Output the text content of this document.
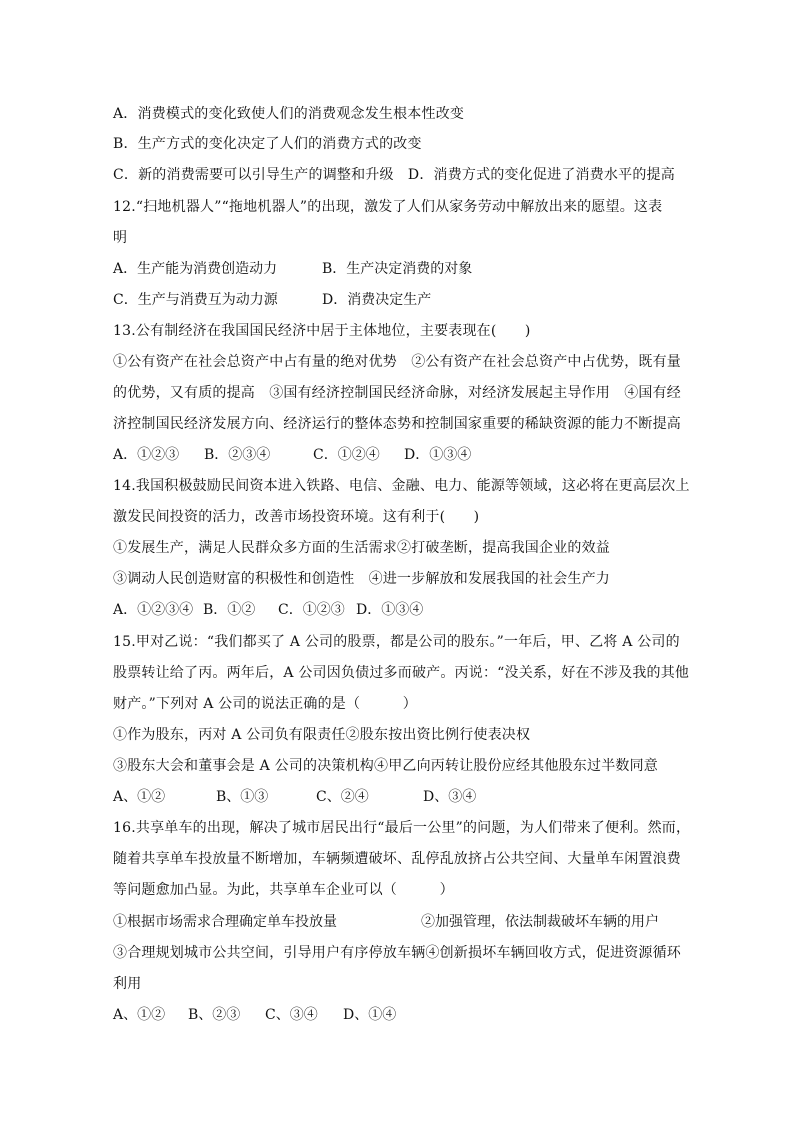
A．消费模式的变化致使人们的消费观念发生根本性改变
B．生产方式的变化决定了人们的消费方式的改变
C．新的消费需要可以引导生产的调整和升级　D．消费方式的变化促进了消费水平的提高
12.“扫地机器人”“拖地机器人”的出现，激发了人们从家务劳动中解放出来的愿望。这表
明
A．生产能为消费创造动力	B．生产决定消费的对象
C．生产与消费互为动力源	D．消费决定生产
13.公有制经济在我国国民经济中居于主体地位，主要表现在(　　)
①公有资产在社会总资产中占有量的绝对优势　②公有资产在社会总资产中占优势，既有量
的优势，又有质的提高　③国有经济控制国民经济命脉，对经济发展起主导作用　④国有经
济控制国民经济发展方向、经济运行的整体态势和控制国家重要的稀缺资源的能力不断提高
A．①②③ B．②③④	C．①②④ D．①③④
14.我国积极鼓励民间资本进入铁路、电信、金融、电力、能源等领域，这必将在更高层次上
激发民间投资的活力，改善市场投资环境。这有利于(　　)
①发展生产，满足人民群众多方面的生活需求②打破垄断，提高我国企业的效益
③调动人民创造财富的积极性和创造性　④进一步解放和发展我国的社会生产力
A．①②③④ B．①② C．①②③ D．①③④
15.甲对乙说：“我们都买了 A 公司的股票，都是公司的股东。”一年后，甲、乙将 A 公司的
股票转让给了丙。两年后，A 公司因负债过多而破产。丙说：“没关系，好在不涉及我的其他
财产。”下列对 A 公司的说法正确的是（　　　）
①作为股东，丙对 A 公司负有限责任②股东按出资比例行使表决权
③股东大会和董事会是 A 公司的决策机构④甲乙向丙转让股份应经其他股东过半数同意
A、①②	B、①③	C、②④	D、③④
16.共享单车的出现，解决了城市居民出行“最后一公里”的问题，为人们带来了便利。然而，
随着共享单车投放量不断增加，车辆频遭破坏、乱停乱放挤占公共空间、大量单车闲置浪费
等问题愈加凸显。为此，共享单车企业可以（　　　）
①根据市场需求合理确定单车投放量	②加强管理，依法制裁破坏车辆的用户
③合理规划城市公共空间，引导用户有序停放车辆④创新损坏车辆回收方式，促进资源循环
利用
A、①② B、②③ C、③④ D、①④
